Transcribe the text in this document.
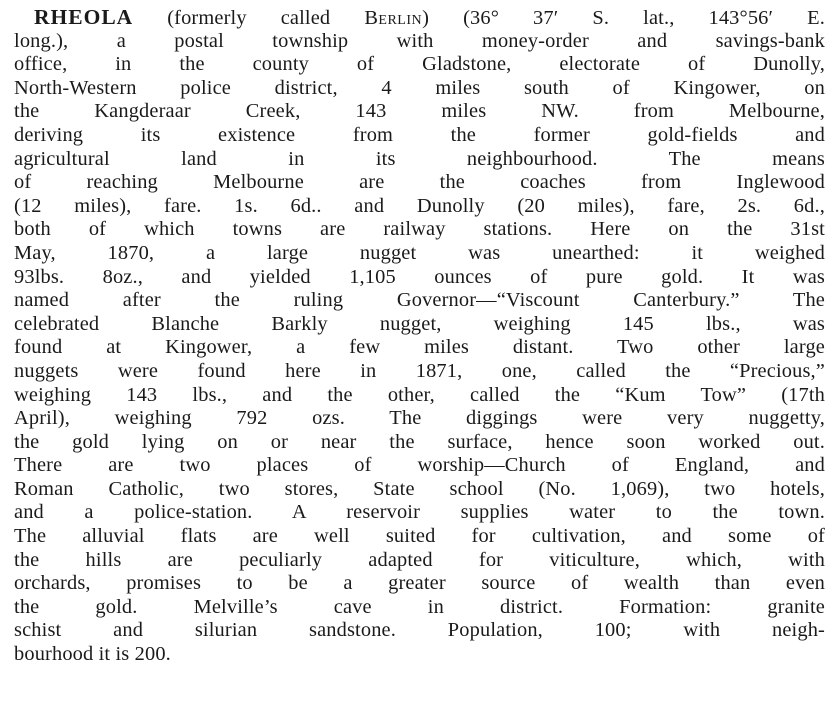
RHEOLA (formerly called Berlin) (36° 37′ S. lat., 143°56′ E.
long.), a postal township with money-order and savings-bank
office, in the county of Gladstone, electorate of Dunolly,
North-Western police district, 4 miles south of Kingower, on
the Kangderaar Creek, 143 miles NW. from Melbourne,
deriving its existence from the former gold-fields and
agricultural land in its neighbourhood. The means
of reaching Melbourne are the coaches from Inglewood
(12 miles), fare. 1s. 6d.. and Dunolly (20 miles), fare, 2s. 6d.,
both of which towns are railway stations. Here on the 31st
May, 1870, a large nugget was unearthed: it weighed
93lbs. 8oz., and yielded 1,105 ounces of pure gold. It was
named after the ruling Governor—“Viscount Canterbury.” The
celebrated Blanche Barkly nugget, weighing 145 lbs., was
found at Kingower, a few miles distant. Two other large
nuggets were found here in 1871, one, called the “Precious,”
weighing 143 lbs., and the other, called the “Kum Tow” (17th
April), weighing 792 ozs. The diggings were very nuggetty,
the gold lying on or near the surface, hence soon worked out.
There are two places of worship—Church of England, and
Roman Catholic, two stores, State school (No. 1,069), two hotels,
and a police-station. A reservoir supplies water to the town.
The alluvial flats are well suited for cultivation, and some of
the hills are peculiarly adapted for viticulture, which, with
orchards, promises to be a greater source of wealth than even
the gold. Melville’s cave in district. Formation: granite
schist and silurian sandstone. Population, 100; with neigh-
bourhood it is 200.
